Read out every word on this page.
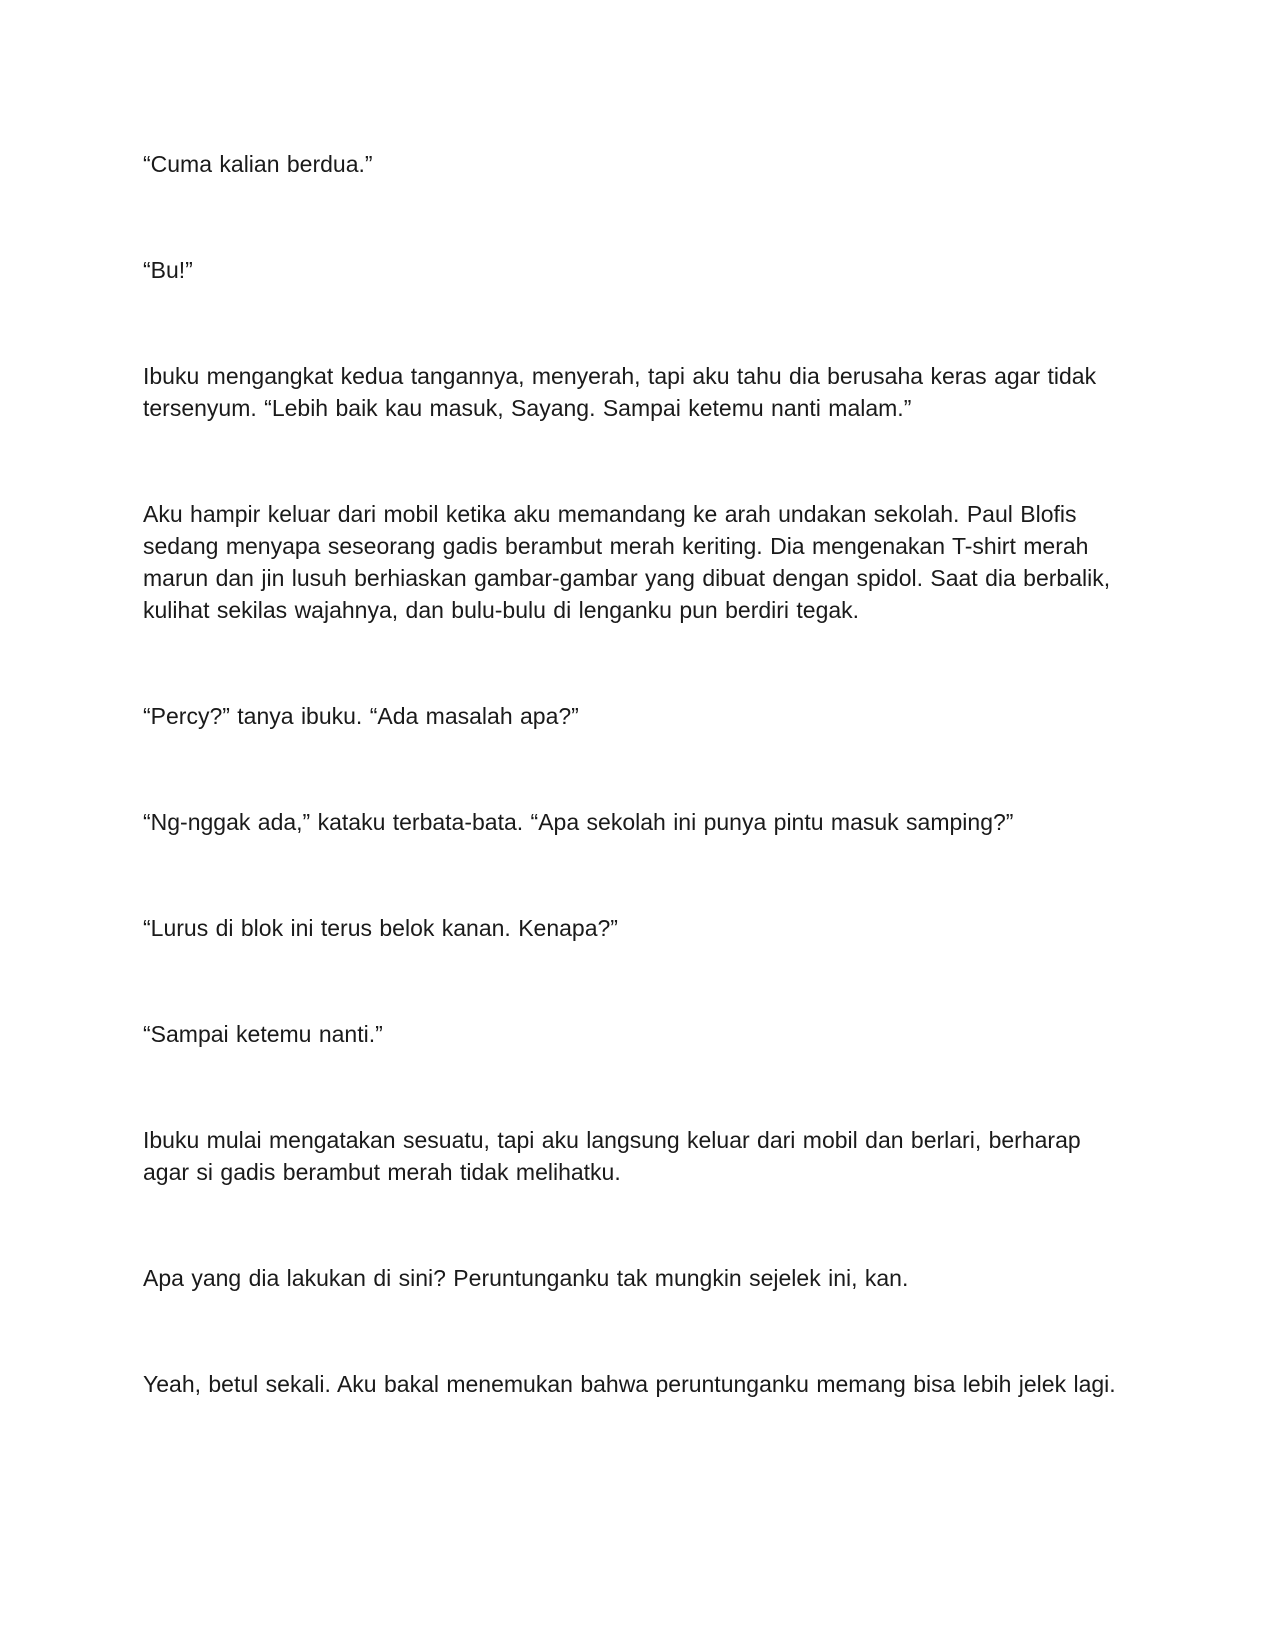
“Cuma kalian berdua.”

“Bu!”

Ibuku mengangkat kedua tangannya, menyerah, tapi aku tahu dia berusaha keras agar tidak tersenyum. “Lebih baik kau masuk, Sayang. Sampai ketemu nanti malam.”

Aku hampir keluar dari mobil ketika aku memandang ke arah undakan sekolah. Paul Blofis sedang menyapa seseorang gadis berambut merah keriting. Dia mengenakan T-shirt merah marun dan jin lusuh berhiaskan gambar-gambar yang dibuat dengan spidol. Saat dia berbalik, kulihat sekilas wajahnya, dan bulu-bulu di lenganku pun berdiri tegak.

“Percy?” tanya ibuku. “Ada masalah apa?”

“Ng-nggak ada,” kataku terbata-bata. “Apa sekolah ini punya pintu masuk samping?”

“Lurus di blok ini terus belok kanan. Kenapa?”

“Sampai ketemu nanti.”

Ibuku mulai mengatakan sesuatu, tapi aku langsung keluar dari mobil dan berlari, berharap agar si gadis berambut merah tidak melihatku.

Apa yang dia lakukan di sini? Peruntunganku tak mungkin sejelek ini, kan.

Yeah, betul sekali. Aku bakal menemukan bahwa peruntunganku memang bisa lebih jelek lagi.
